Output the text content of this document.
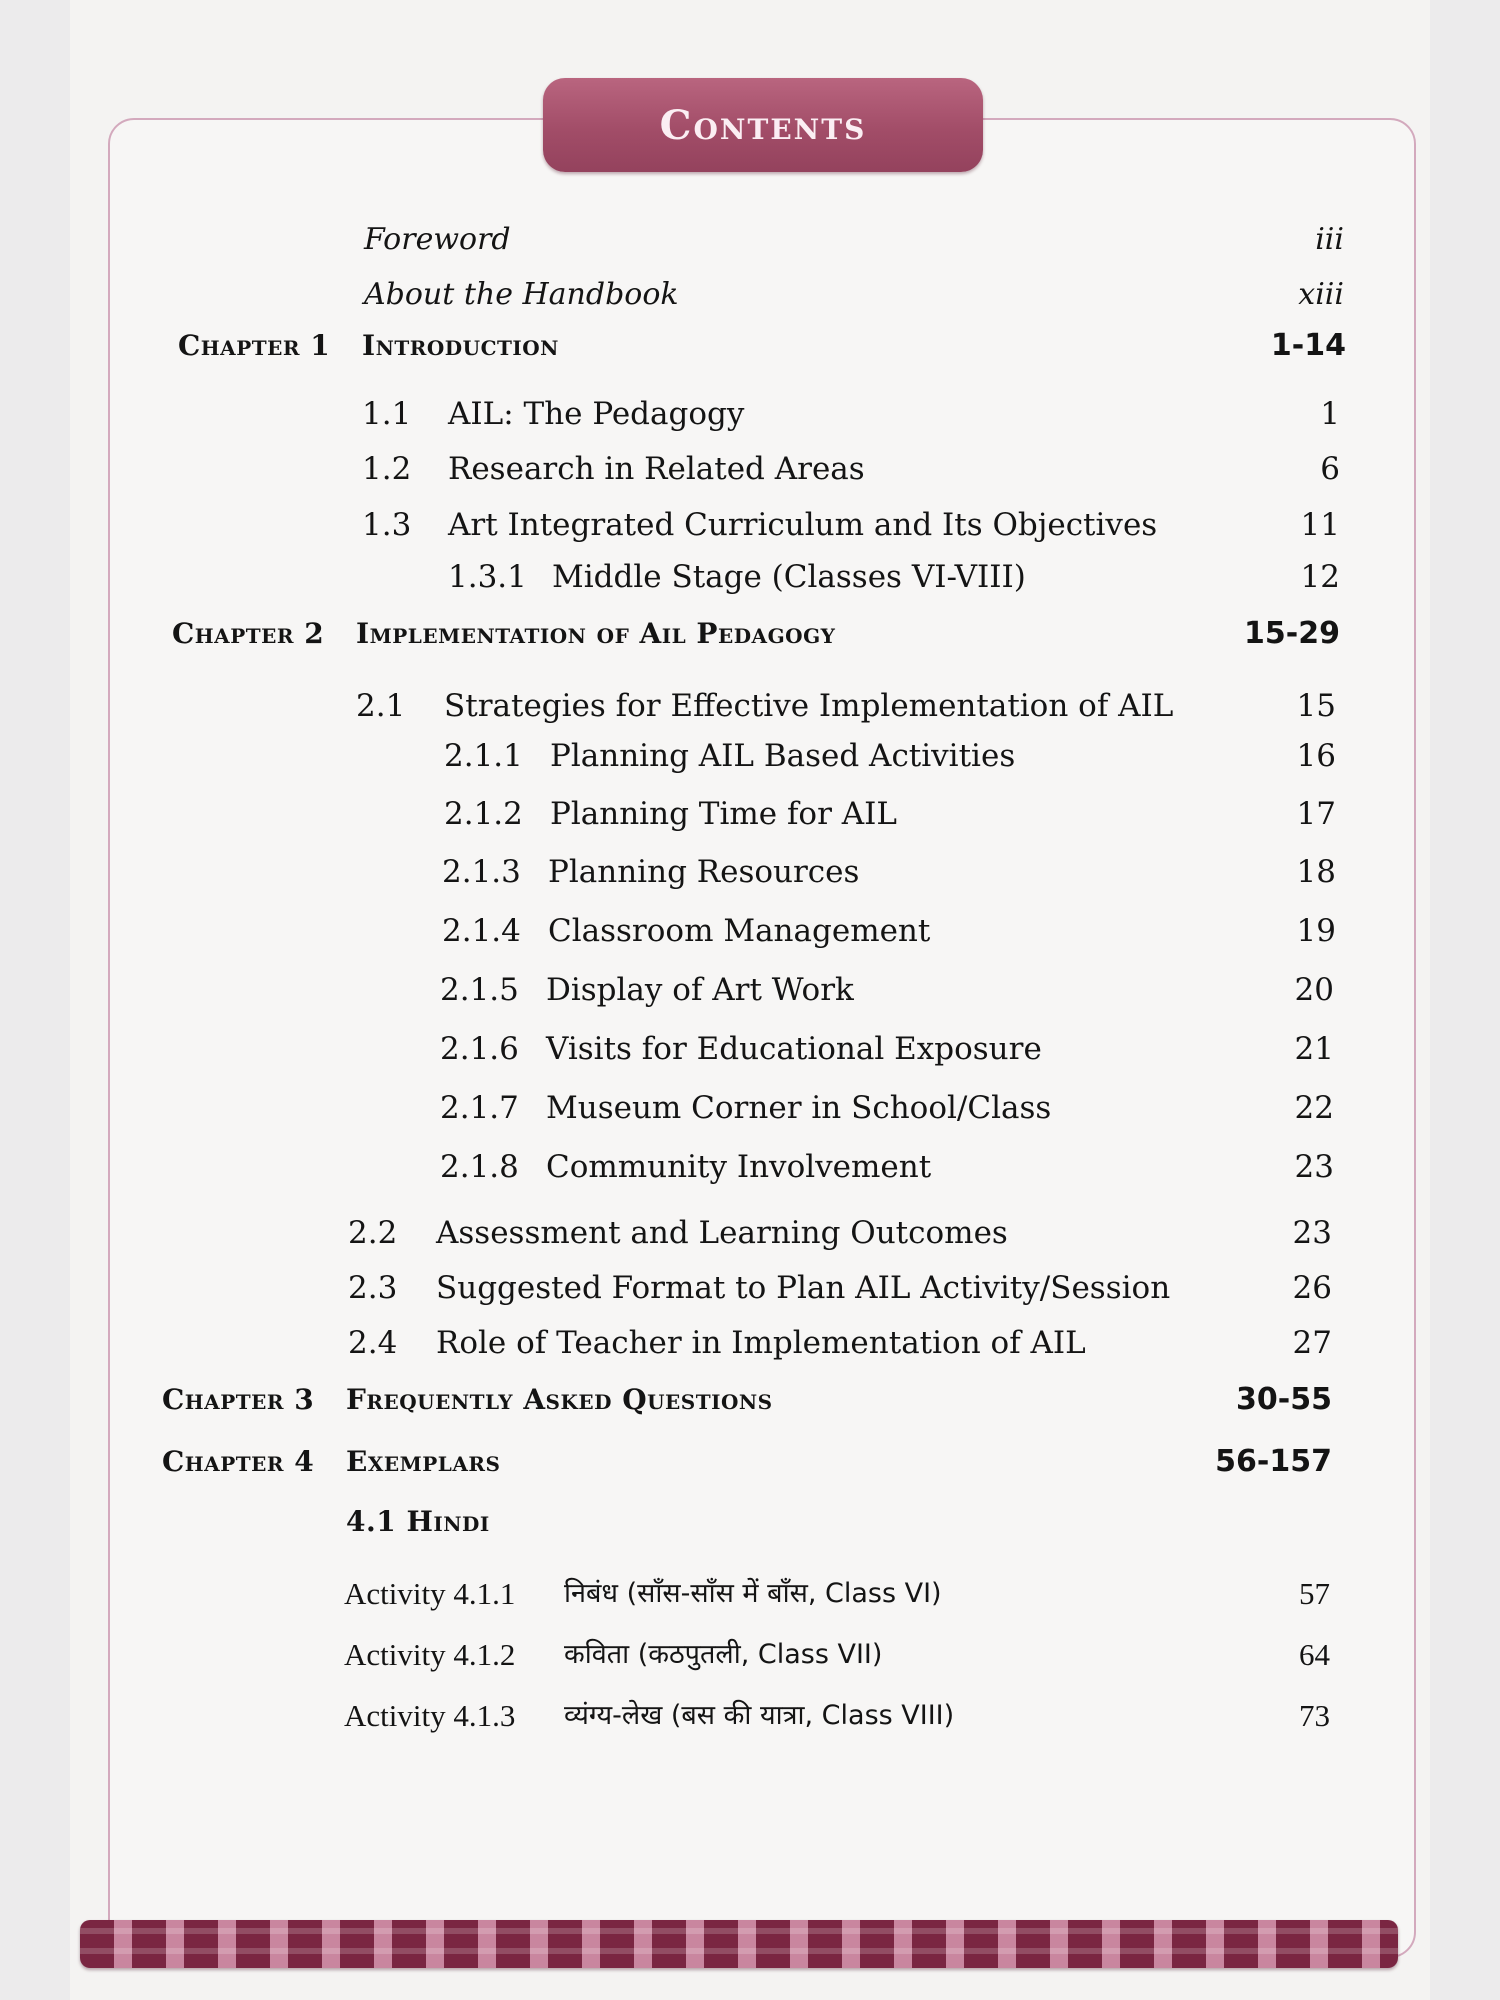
Contents
Foreword	iii
About the Handbook	xiii
Chapter 1 Introduction	1-14
1.1 AIL: The Pedagogy	1
1.2 Research in Related Areas	6
1.3 Art Integrated Curriculum and Its Objectives	11
1.3.1 Middle Stage (Classes VI-VIII)	12
Chapter 2 Implementation of Ail Pedagogy	15-29
2.1 Strategies for Effective Implementation of AIL	15
2.1.1 Planning AIL Based Activities	16
2.1.2 Planning Time for AIL	17
2.1.3 Planning Resources	18
2.1.4 Classroom Management	19
2.1.5 Display of Art Work	20
2.1.6 Visits for Educational Exposure	21
2.1.7 Museum Corner in School/Class	22
2.1.8 Community Involvement	23
2.2 Assessment and Learning Outcomes	23
2.3 Suggested Format to Plan AIL Activity/Session	26
2.4 Role of Teacher in Implementation of AIL	27
Chapter 3 Frequently Asked Questions	30-55
Chapter 4 Exemplars	56-157
4.1 Hindi
Activity 4.1.1 निबंध (साँस-साँस में बाँस, Class VI)	57
Activity 4.1.2 कविता (कठपुतली, Class VII)	64
Activity 4.1.3 व्यंग्य-लेख (बस की यात्रा, Class VIII)	73
